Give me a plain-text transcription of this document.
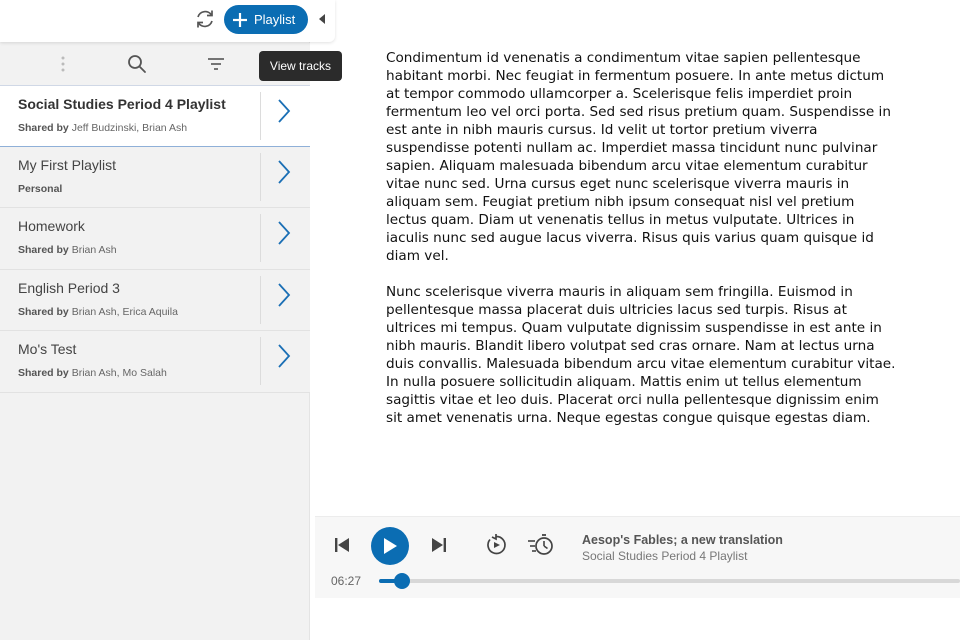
Social Studies Period 4 Playlist
Shared by Jeff Budzinski, Brian Ash
My First Playlist
Personal
Homework
Shared by Brian Ash
English Period 3
Shared by Brian Ash, Erica Aquila
Mo's Test
Shared by Brian Ash, Mo Salah
Playlist
View tracks	Condimentum id venenatis a condimentum vitae sapien pellentesque habitant morbi. Nec feugiat in fermentum posuere. In ante metus dictum at tempor commodo ullamcorper a. Scelerisque felis imperdiet proin fermentum leo vel orci porta. Sed sed risus pretium quam. Suspendisse in est ante in nibh mauris cursus. Id velit ut tortor pretium viverra suspendisse potenti nullam ac. Imperdiet massa tincidunt nunc pulvinar sapien. Aliquam malesuada bibendum arcu vitae elementum curabitur vitae nunc sed. Urna cursus eget nunc scelerisque viverra mauris in aliquam sem. Feugiat pretium nibh ipsum consequat nisl vel pretium lectus quam. Diam ut venenatis tellus in metus vulputate. Ultrices in iaculis nunc sed augue lacus viverra. Risus quis varius quam quisque id diam vel.

Nunc scelerisque viverra mauris in aliquam sem fringilla. Euismod in pellentesque massa placerat duis ultricies lacus sed turpis. Risus at ultrices mi tempus. Quam vulputate dignissim suspendisse in est ante in nibh mauris. Blandit libero volutpat sed cras ornare. Nam at lectus urna duis convallis. Malesuada bibendum arcu vitae elementum curabitur vitae. In nulla posuere sollicitudin aliquam. Mattis enim ut tellus elementum sagittis vitae et leo duis. Placerat orci nulla pellentesque dignissim enim sit amet venenatis urna. Neque egestas congue quisque egestas diam.

Aesop's Fables; a new translation
Social Studies Period 4 Playlist
06:27
